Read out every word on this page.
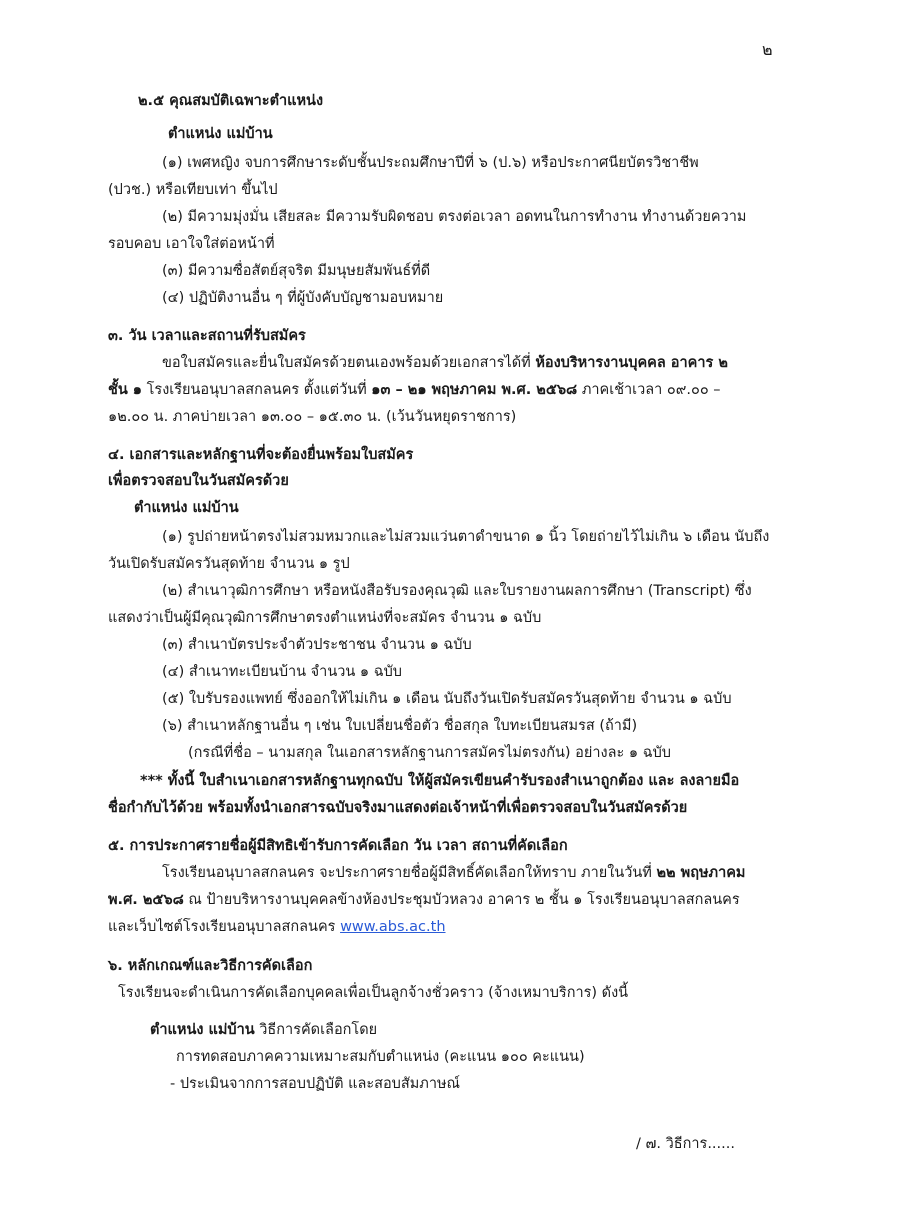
๒
๒.๕ คุณสมบัติเฉพาะตำแหน่ง
ตำแหน่ง แม่บ้าน
(๑) เพศหญิง จบการศึกษาระดับชั้นประถมศึกษาปีที่ ๖ (ป.๖) หรือประกาศนียบัตรวิชาชีพ
(ปวช.) หรือเทียบเท่า ขึ้นไป
(๒) มีความมุ่งมั่น เสียสละ มีความรับผิดชอบ ตรงต่อเวลา อดทนในการทำงาน ทำงานด้วยความ
รอบคอบ เอาใจใส่ต่อหน้าที่
(๓) มีความซื่อสัตย์สุจริต มีมนุษยสัมพันธ์ที่ดี
(๔) ปฏิบัติงานอื่น ๆ ที่ผู้บังคับบัญชามอบหมาย
๓. วัน เวลาและสถานที่รับสมัคร
ขอใบสมัครและยื่นใบสมัครด้วยตนเองพร้อมด้วยเอกสารได้ที่ ห้องบริหารงานบุคคล อาคาร ๒
ชั้น ๑ โรงเรียนอนุบาลสกลนคร ตั้งแต่วันที่ ๑๓ – ๒๑ พฤษภาคม พ.ศ. ๒๕๖๘ ภาคเช้าเวลา ๐๙.๐๐ –
๑๒.๐๐ น. ภาคบ่ายเวลา ๑๓.๐๐ – ๑๕.๓๐ น. (เว้นวันหยุดราชการ)
๔. เอกสารและหลักฐานที่จะต้องยื่นพร้อมใบสมัคร
เพื่อตรวจสอบในวันสมัครด้วย
ตำแหน่ง แม่บ้าน
(๑) รูปถ่ายหน้าตรงไม่สวมหมวกและไม่สวมแว่นตาดำขนาด ๑ นิ้ว โดยถ่ายไว้ไม่เกิน ๖ เดือน นับถึง
วันเปิดรับสมัครวันสุดท้าย จำนวน ๑ รูป
(๒) สำเนาวุฒิการศึกษา หรือหนังสือรับรองคุณวุฒิ และใบรายงานผลการศึกษา (Transcript) ซึ่ง
แสดงว่าเป็นผู้มีคุณวุฒิการศึกษาตรงตำแหน่งที่จะสมัคร จำนวน ๑ ฉบับ
(๓) สำเนาบัตรประจำตัวประชาชน จำนวน ๑ ฉบับ
(๔) สำเนาทะเบียนบ้าน จำนวน ๑ ฉบับ
(๕) ใบรับรองแพทย์ ซึ่งออกให้ไม่เกิน ๑ เดือน นับถึงวันเปิดรับสมัครวันสุดท้าย จำนวน ๑ ฉบับ
(๖) สำเนาหลักฐานอื่น ๆ เช่น ใบเปลี่ยนชื่อตัว ชื่อสกุล ใบทะเบียนสมรส (ถ้ามี)
(กรณีที่ชื่อ – นามสกุล ในเอกสารหลักฐานการสมัครไม่ตรงกัน) อย่างละ ๑ ฉบับ
*** ทั้งนี้ ใบสำเนาเอกสารหลักฐานทุกฉบับ ให้ผู้สมัครเขียนคำรับรองสำเนาถูกต้อง และ ลงลายมือ
ชื่อกำกับไว้ด้วย พร้อมทั้งนำเอกสารฉบับจริงมาแสดงต่อเจ้าหน้าที่เพื่อตรวจสอบในวันสมัครด้วย
๕. การประกาศรายชื่อผู้มีสิทธิเข้ารับการคัดเลือก วัน เวลา สถานที่คัดเลือก
โรงเรียนอนุบาลสกลนคร จะประกาศรายชื่อผู้มีสิทธิ์คัดเลือกให้ทราบ ภายในวันที่ ๒๒ พฤษภาคม
พ.ศ. ๒๕๖๘ ณ ป้ายบริหารงานบุคคลข้างห้องประชุมบัวหลวง อาคาร ๒ ชั้น ๑ โรงเรียนอนุบาลสกลนคร
และเว็บไซต์โรงเรียนอนุบาลสกลนคร www.abs.ac.th
๖. หลักเกณฑ์และวิธีการคัดเลือก
โรงเรียนจะดำเนินการคัดเลือกบุคคลเพื่อเป็นลูกจ้างชั่วคราว (จ้างเหมาบริการ) ดังนี้
ตำแหน่ง แม่บ้าน วิธีการคัดเลือกโดย
การทดสอบภาคความเหมาะสมกับตำแหน่ง (คะแนน ๑๐๐ คะแนน)
- ประเมินจากการสอบปฏิบัติ และสอบสัมภาษณ์
/ ๗. วิธีการ......
